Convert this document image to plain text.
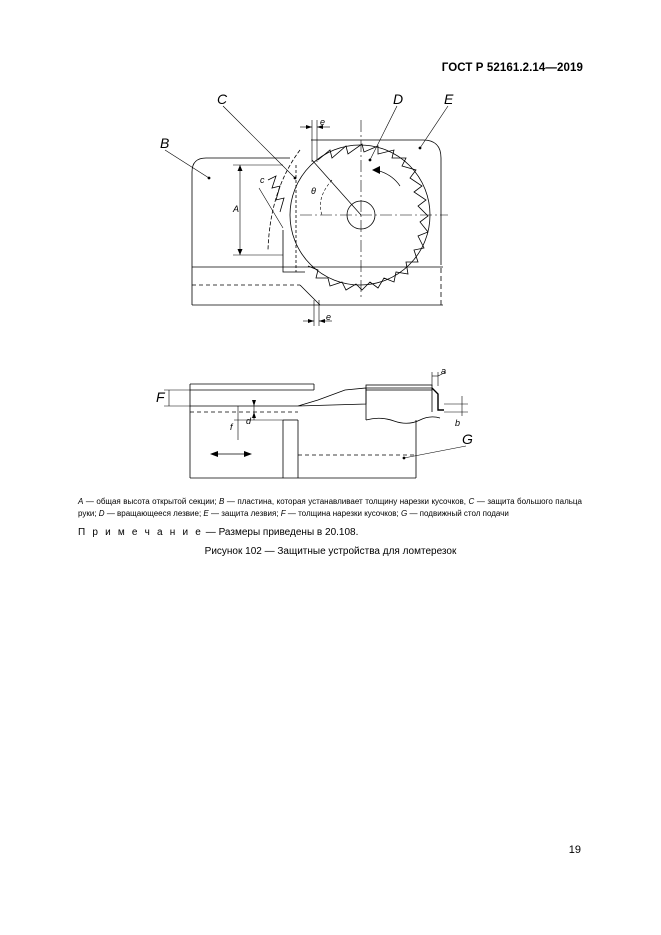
ГОСТ Р 52161.2.14—2019
C	D	E
B
e
e
c
A
θ
F
d
f
a
b
G
A — общая высота открытой секции; B — пластина, которая устанавливает толщину нарезки кусочков, C — защита большого пальца руки; D — вращающееся лезвие; E — защита лезвия; F — толщина нарезки кусочков; G — подвижный стол подачи
П р и м е ч а н и е — Размеры приведены в 20.108.
Рисунок 102 — Защитные устройства для ломтерезок
19
